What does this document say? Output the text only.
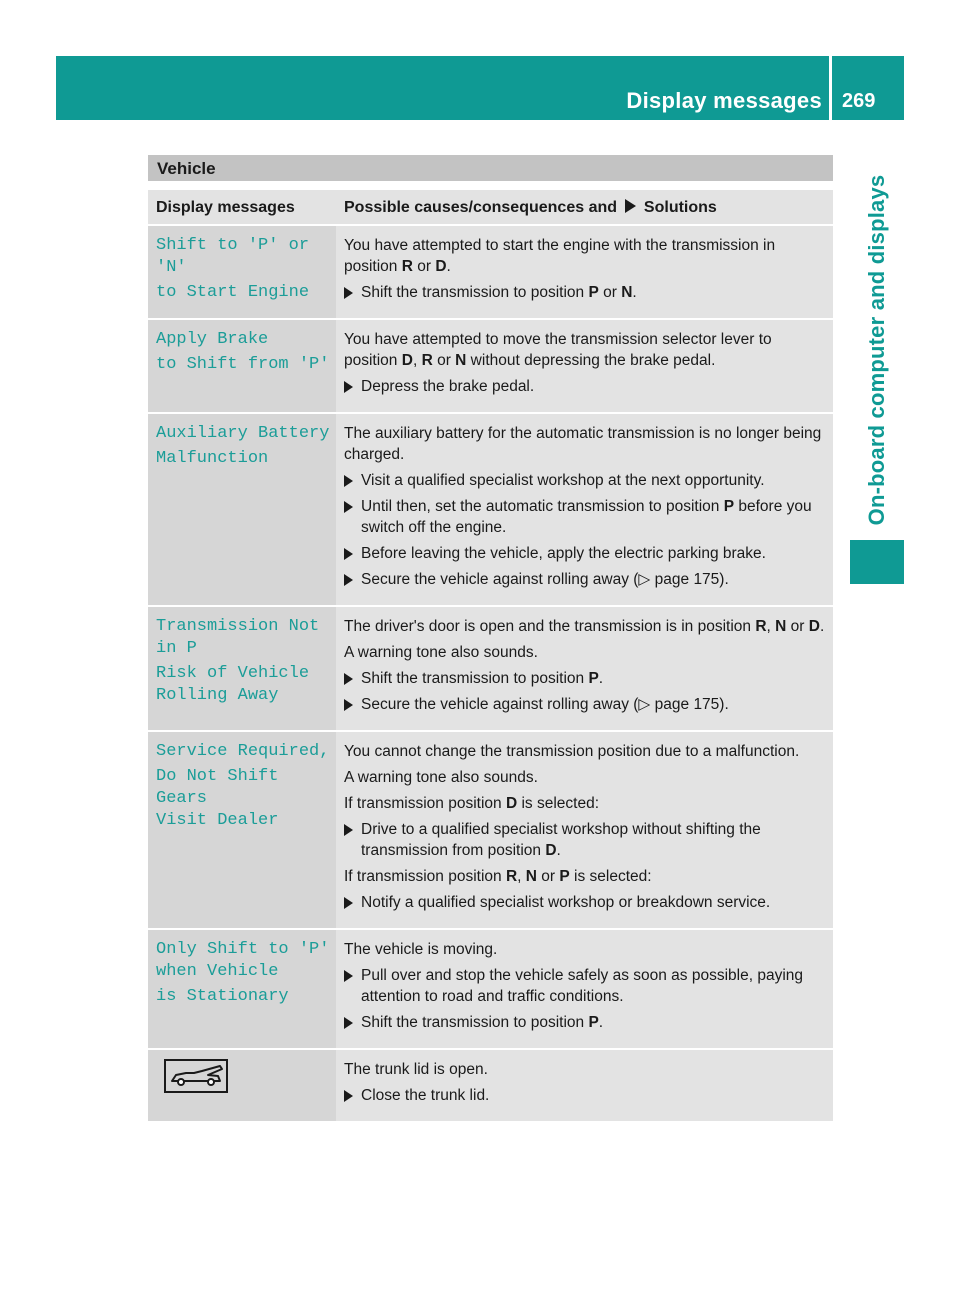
Display messages 269
On-board computer and displays
Vehicle
Display messages	Possible causes/consequences and Solutions
Shift to 'P' or 'N'
to Start Engine
You have attempted to start the engine with the transmission in position R or D.
Shift the transmission to position P or N.
Apply Brake
to Shift from 'P'
You have attempted to move the transmission selector lever to position D, R or N without depressing the brake pedal.
Depress the brake pedal.
Auxiliary Battery
Malfunction
The auxiliary battery for the automatic transmission is no longer being charged.
Visit a qualified specialist workshop at the next opportunity.
Until then, set the automatic transmission to position P before you switch off the engine.
Before leaving the vehicle, apply the electric parking brake.
Secure the vehicle against rolling away (▷ page 175).
Transmission Not
in P
Risk of Vehicle
Rolling Away
The driver's door is open and the transmission is in position R, N or D.
A warning tone also sounds.
Shift the transmission to position P.
Secure the vehicle against rolling away (▷ page 175).
Service Required,
Do Not Shift Gears
Visit Dealer
You cannot change the transmission position due to a malfunction.
A warning tone also sounds.
If transmission position D is selected:
Drive to a qualified specialist workshop without shifting the transmission from position D.
If transmission position R, N or P is selected:
Notify a qualified specialist workshop or breakdown service.
Only Shift to 'P'
when Vehicle
is Stationary
The vehicle is moving.
Pull over and stop the vehicle safely as soon as possible, paying attention to road and traffic conditions.
Shift the transmission to position P.
The trunk lid is open.
Close the trunk lid.
